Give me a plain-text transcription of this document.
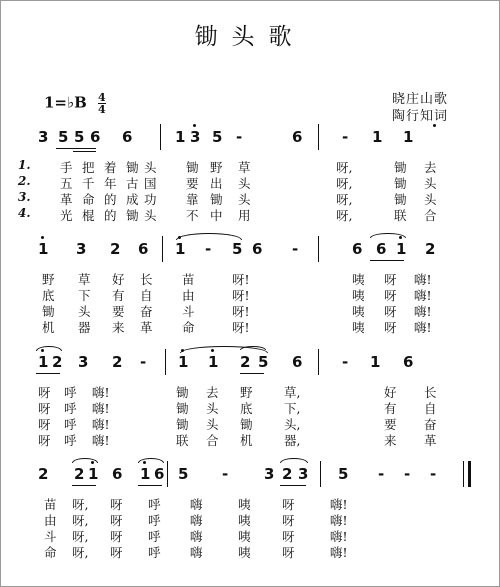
锄头歌
1=♭B $\frac{4}{4}$	晓庄山歌
陶行知词
3 5 5 6 6	1 3 5 -	6	- 1 1
1. 手 把 着 锄 头 锄 野 草	呀,	锄 去
2. 五 千 年 古 国 要 出 头	呀,	锄 头
3. 革 命 的 成 功 靠 锄 头	呀,	锄 头
4. 光 棍 的 锄 头 不 中 用	呀,	联 合
1 3 2 6 1 - 5 6 -	6 6 1 2
野 草 好 长 苗	呀!	咦 呀 嗨!
底 下 有 自 由	呀!	咦 呀 嗨!
锄 头 要 奋 斗	呀!	咦 呀 嗨!
机 器 来 革 命	呀!	咦 呀 嗨!
1 2 3 2 - 1 1 2 5 6	- 1 6
呀 呼 嗨!	锄 去 野	草,	好 长
呀 呼 嗨!	锄 头 底	下,	有 自
呀 呼 嗨!	锄 头 锄	头,	要 奋
呀 呼 嗨!	联 合 机	器,	来 革
2 2 1 6 1 6 5 - 3 2 3 5 - - -
苗 呀, 呀 呼 嗨	咦	呀	嗨!
由 呀, 呀 呼 嗨	咦	呀	嗨!
斗 呀, 呀 呼 嗨	咦	呀	嗨!
命 呀, 呀 呼 嗨	咦	呀	嗨!
